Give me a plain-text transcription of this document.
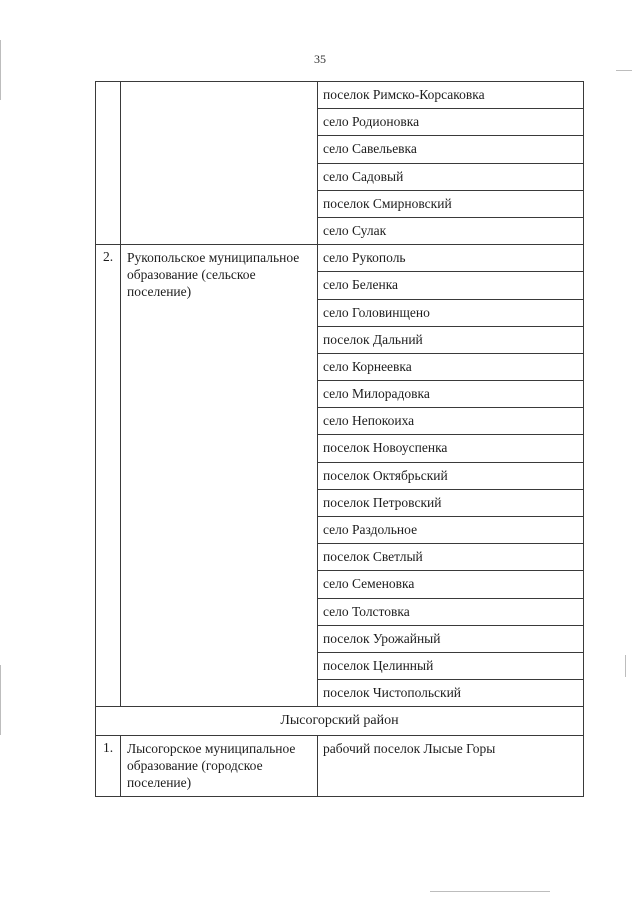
35
		поселок Римско-Корсаковка
		село Родионовка
		село Савельевка
		село Садовый
		поселок Смирновский
		село Сулак
2.	Рукопольское муниципальное образование (сельское поселение)	село Рукополь
		село Беленка
		село Головинщено
		поселок Дальний
		село Корнеевка
		село Милорадовка
		село Непокоиха
		поселок Новоуспенка
		поселок Октябрьский
		поселок Петровский
		село Раздольное
		поселок Светлый
		село Семеновка
		село Толстовка
		поселок Урожайный
		поселок Целинный
		поселок Чистопольский
Лысогорский район		
1.	Лысогорское муниципальное образование (городское поселение)	рабочий поселок Лысые Горы
